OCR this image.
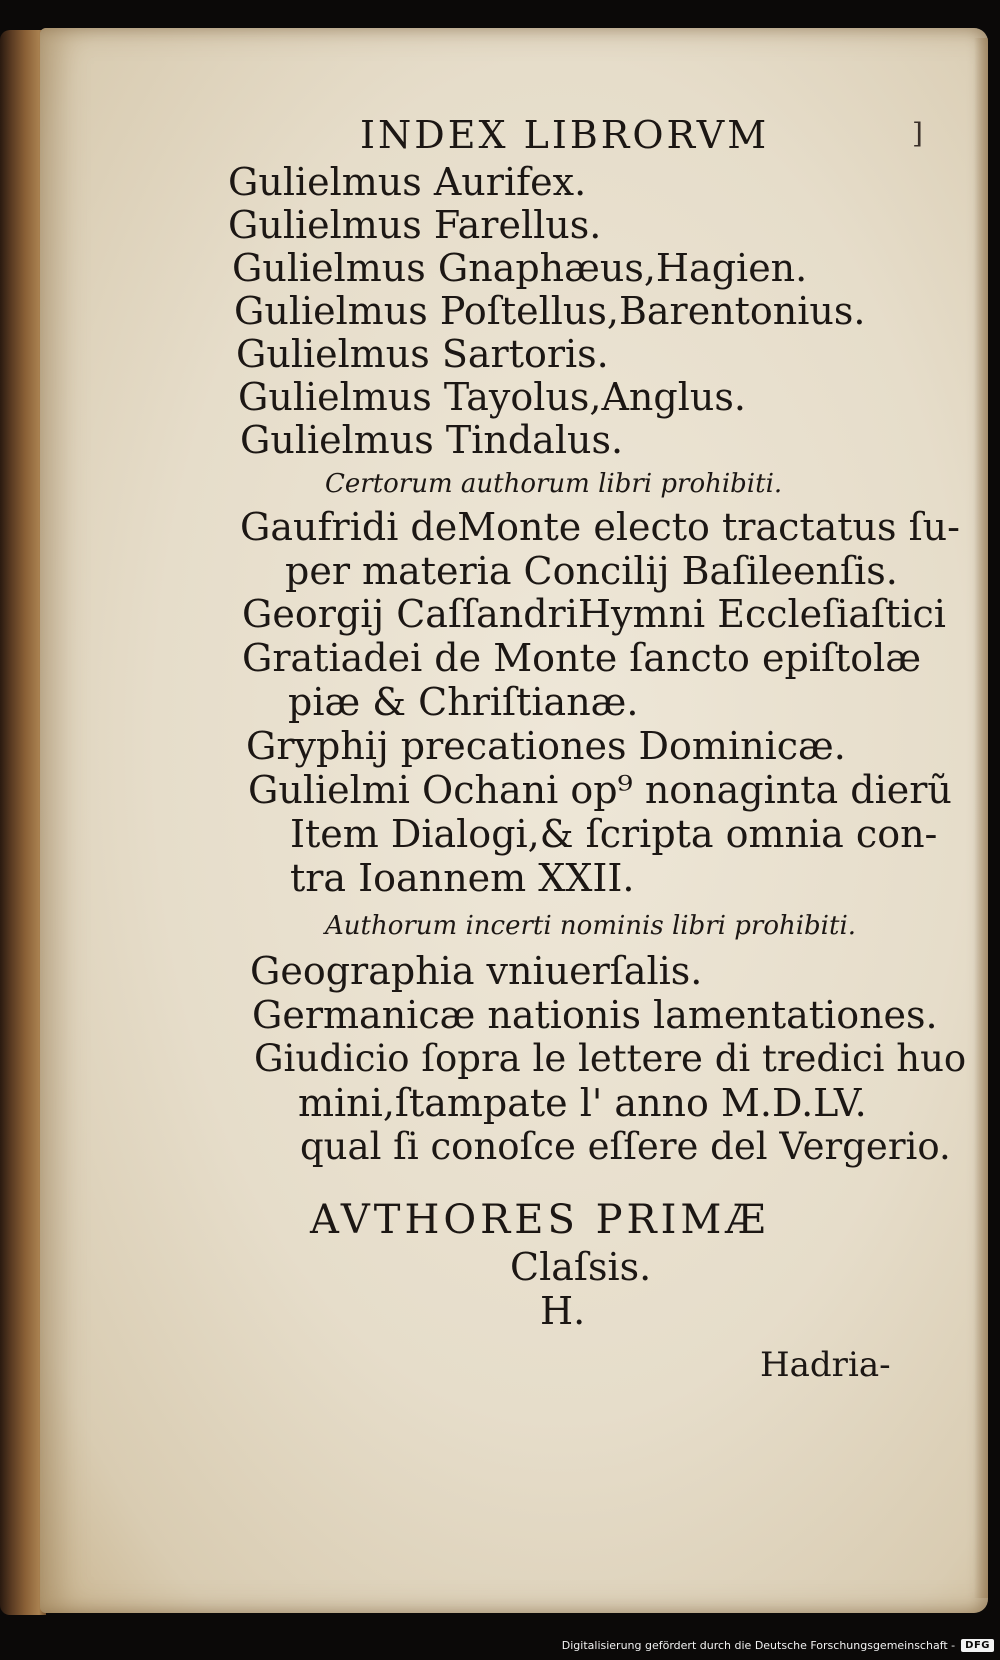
INDEX LIBRORVM	]
Gulielmus Aurifex.
Gulielmus Farellus.
Gulielmus Gnaphæus,Hagien.
Gulielmus Poſtellus,Barentonius.
Gulielmus Sartoris.
Gulielmus Tayolus,Anglus.
Gulielmus Tindalus.
Certorum authorum libri prohibiti.
Gaufridi deMonte electo tractatus ſu-
per materia Concilij Baſileenſis.
Georgij CaſſandriHymni Eccleſiaſtici
Gratiadei de Monte ſancto epiſtolæ
piæ & Chriſtianæ.
Gryphij precationes Dominicæ.
Gulielmi Ochani op⁹ nonaginta dierũ
Item Dialogi,& ſcripta omnia con-
tra Ioannem XXII.
Authorum incerti nominis libri prohibiti.
Geographia vniuerſalis.
Germanicæ nationis lamentationes.
Giudicio ſopra le lettere di tredici huo
mini,ſtampate l' anno M.D.LV.
qual ſi conoſce eſſere del Vergerio.
AVTHORES PRIMÆ
Claſsis.
H.
Hadria-
Digitalisierung gefördert durch die Deutsche Forschungsgemeinschaft -	DFG
